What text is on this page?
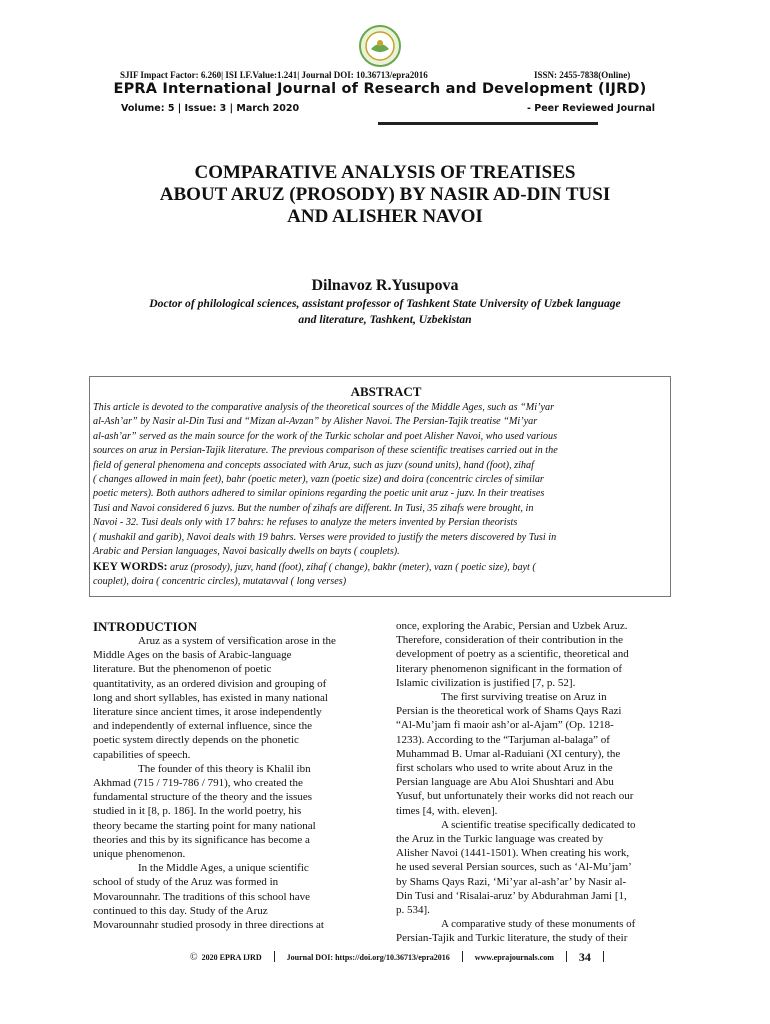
SJIF Impact Factor: 6.260| ISI I.F.Value:1.241| Journal DOI: 10.36713/epra2016	ISSN: 2455-7838(Online)
EPRA International Journal of Research and Development (IJRD)
Volume: 5 | Issue: 3 | March 2020	- Peer Reviewed Journal
COMPARATIVE ANALYSIS OF TREATISES
ABOUT ARUZ (PROSODY) BY NASIR AD-DIN TUSI
AND ALISHER NAVOI
Dilnavoz R.Yusupova
Doctor of philological sciences, assistant professor of Tashkent State University of Uzbek language
and literature, Tashkent, Uzbekistan
ABSTRACT
This article is devoted to the comparative analysis of the theoretical sources of the Middle Ages, such as “Mi’yar
al-Ash’ar” by Nasir al-Din Tusi and “Mizan al-Avzan” by Alisher Navoi. The Persian-Tajik treatise “Mi’yar
al-ash’ar” served as the main source for the work of the Turkic scholar and poet Alisher Navoi, who used various
sources on aruz in Persian-Tajik literature. The previous comparison of these scientific treatises carried out in the
field of general phenomena and concepts associated with Aruz, such as juzv (sound units), hand (foot), zihaf
( changes allowed in main feet), bahr (poetic meter), vazn (poetic size) and doira (concentric circles of similar
poetic meters). Both authors adhered to similar opinions regarding the poetic unit aruz - juzv. In their treatises
Tusi and Navoi considered 6 juzvs. But the number of zihafs are different. In Tusi, 35 zihafs were brought, in
Navoi - 32. Tusi deals only with 17 bahrs: he refuses to analyze the meters invented by Persian theorists
( mushakil and garib), Navoi deals with 19 bahrs. Verses were provided to justify the meters discovered by Tusi in
Arabic and Persian languages, Navoi basically dwells on bayts ( couplets).
KEY WORDS: aruz (prosody), juzv, hand (foot), zihaf ( change), bakhr (meter), vazn ( poetic size), bayt (
couplet), doira ( concentric circles), mutatavval ( long verses)
INTRODUCTION
Aruz as a system of versification arose in the
Middle Ages on the basis of Arabic-language
literature. But the phenomenon of poetic
quantitativity, as an ordered division and grouping of
long and short syllables, has existed in many national
literature since ancient times, it arose independently
and independently of external influence, since the
poetic system directly depends on the phonetic
capabilities of speech.
The founder of this theory is Khalil ibn
Akhmad (715 / 719-786 / 791), who created the
fundamental structure of the theory and the issues
studied in it [8, p. 186]. In the world poetry, his
theory became the starting point for many national
theories and this by its significance has become a
unique phenomenon.
In the Middle Ages, a unique scientific
school of study of the Aruz was formed in
Movarounnahr. The traditions of this school have
continued to this day. Study of the Aruz
Movarounnahr studied prosody in three directions at
once, exploring the Arabic, Persian and Uzbek Aruz.
Therefore, consideration of their contribution in the
development of poetry as a scientific, theoretical and
literary phenomenon significant in the formation of
Islamic civilization is justified [7, p. 52].
The first surviving treatise on Aruz in
Persian is the theoretical work of Shams Qays Razi
“Al-Mu’jam fi maoir ash’or al-Ajam” (Op. 1218-
1233). According to the “Tarjuman al-balaga” of
Muhammad B. Umar al-Raduiani (XI century), the
first scholars who used to write about Aruz in the
Persian language are Abu Aloi Shushtari and Abu
Yusuf, but unfortunately their works did not reach our
times [4, with. eleven].
A scientific treatise specifically dedicated to
the Aruz in the Turkic language was created by
Alisher Navoi (1441-1501). When creating his work,
he used several Persian sources, such as ‘Al-Mu’jam’
by Shams Qays Razi, ‘Mi’yar al-ash’ar’ by Nasir al-
Din Tusi and ‘Risalai-aruz’ by Abdurahman Jami [1,
p. 534].
A comparative study of these monuments of
Persian-Tajik and Turkic literature, the study of their
© 2020 EPRA IJRD	Journal DOI: https://doi.org/10.36713/epra2016	www.eprajournals.com 34
